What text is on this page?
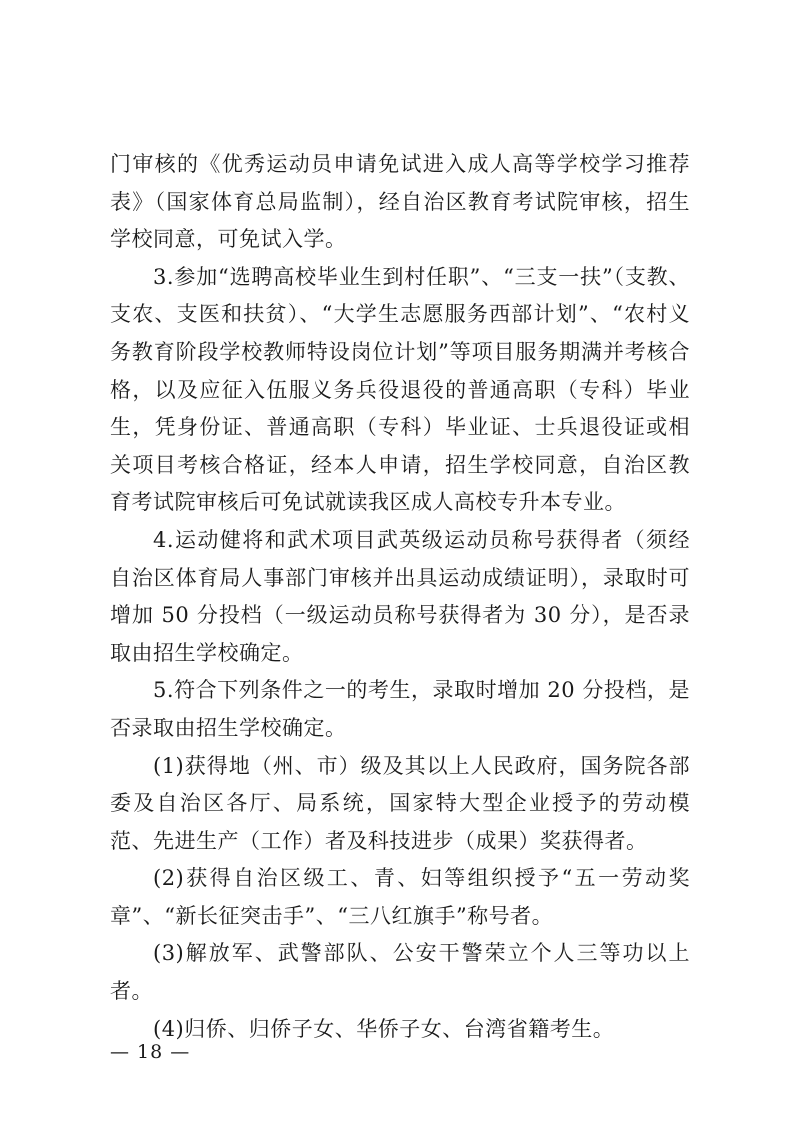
门审核的《优秀运动员申请免试进入成人高等学校学习推荐表》（国家体育总局监制），经自治区教育考试院审核，招生学校同意，可免试入学。

3.参加“选聘高校毕业生到村任职”、“三支一扶”（支教、支农、支医和扶贫）、“大学生志愿服务西部计划”、“农村义务教育阶段学校教师特设岗位计划”等项目服务期满并考核合格，以及应征入伍服义务兵役退役的普通高职（专科）毕业生，凭身份证、普通高职（专科）毕业证、士兵退役证或相关项目考核合格证，经本人申请，招生学校同意，自治区教育考试院审核后可免试就读我区成人高校专升本专业。

4.运动健将和武术项目武英级运动员称号获得者（须经自治区体育局人事部门审核并出具运动成绩证明），录取时可增加 50 分投档（一级运动员称号获得者为 30 分），是否录取由招生学校确定。

5.符合下列条件之一的考生，录取时增加 20 分投档，是否录取由招生学校确定。

(1)获得地（州、市）级及其以上人民政府，国务院各部委及自治区各厅、局系统，国家特大型企业授予的劳动模范、先进生产（工作）者及科技进步（成果）奖获得者。

(2)获得自治区级工、青、妇等组织授予“五一劳动奖章”、“新长征突击手”、“三八红旗手”称号者。

(3)解放军、武警部队、公安干警荣立个人三等功以上者。

(4)归侨、归侨子女、华侨子女、台湾省籍考生。

— 18 —
